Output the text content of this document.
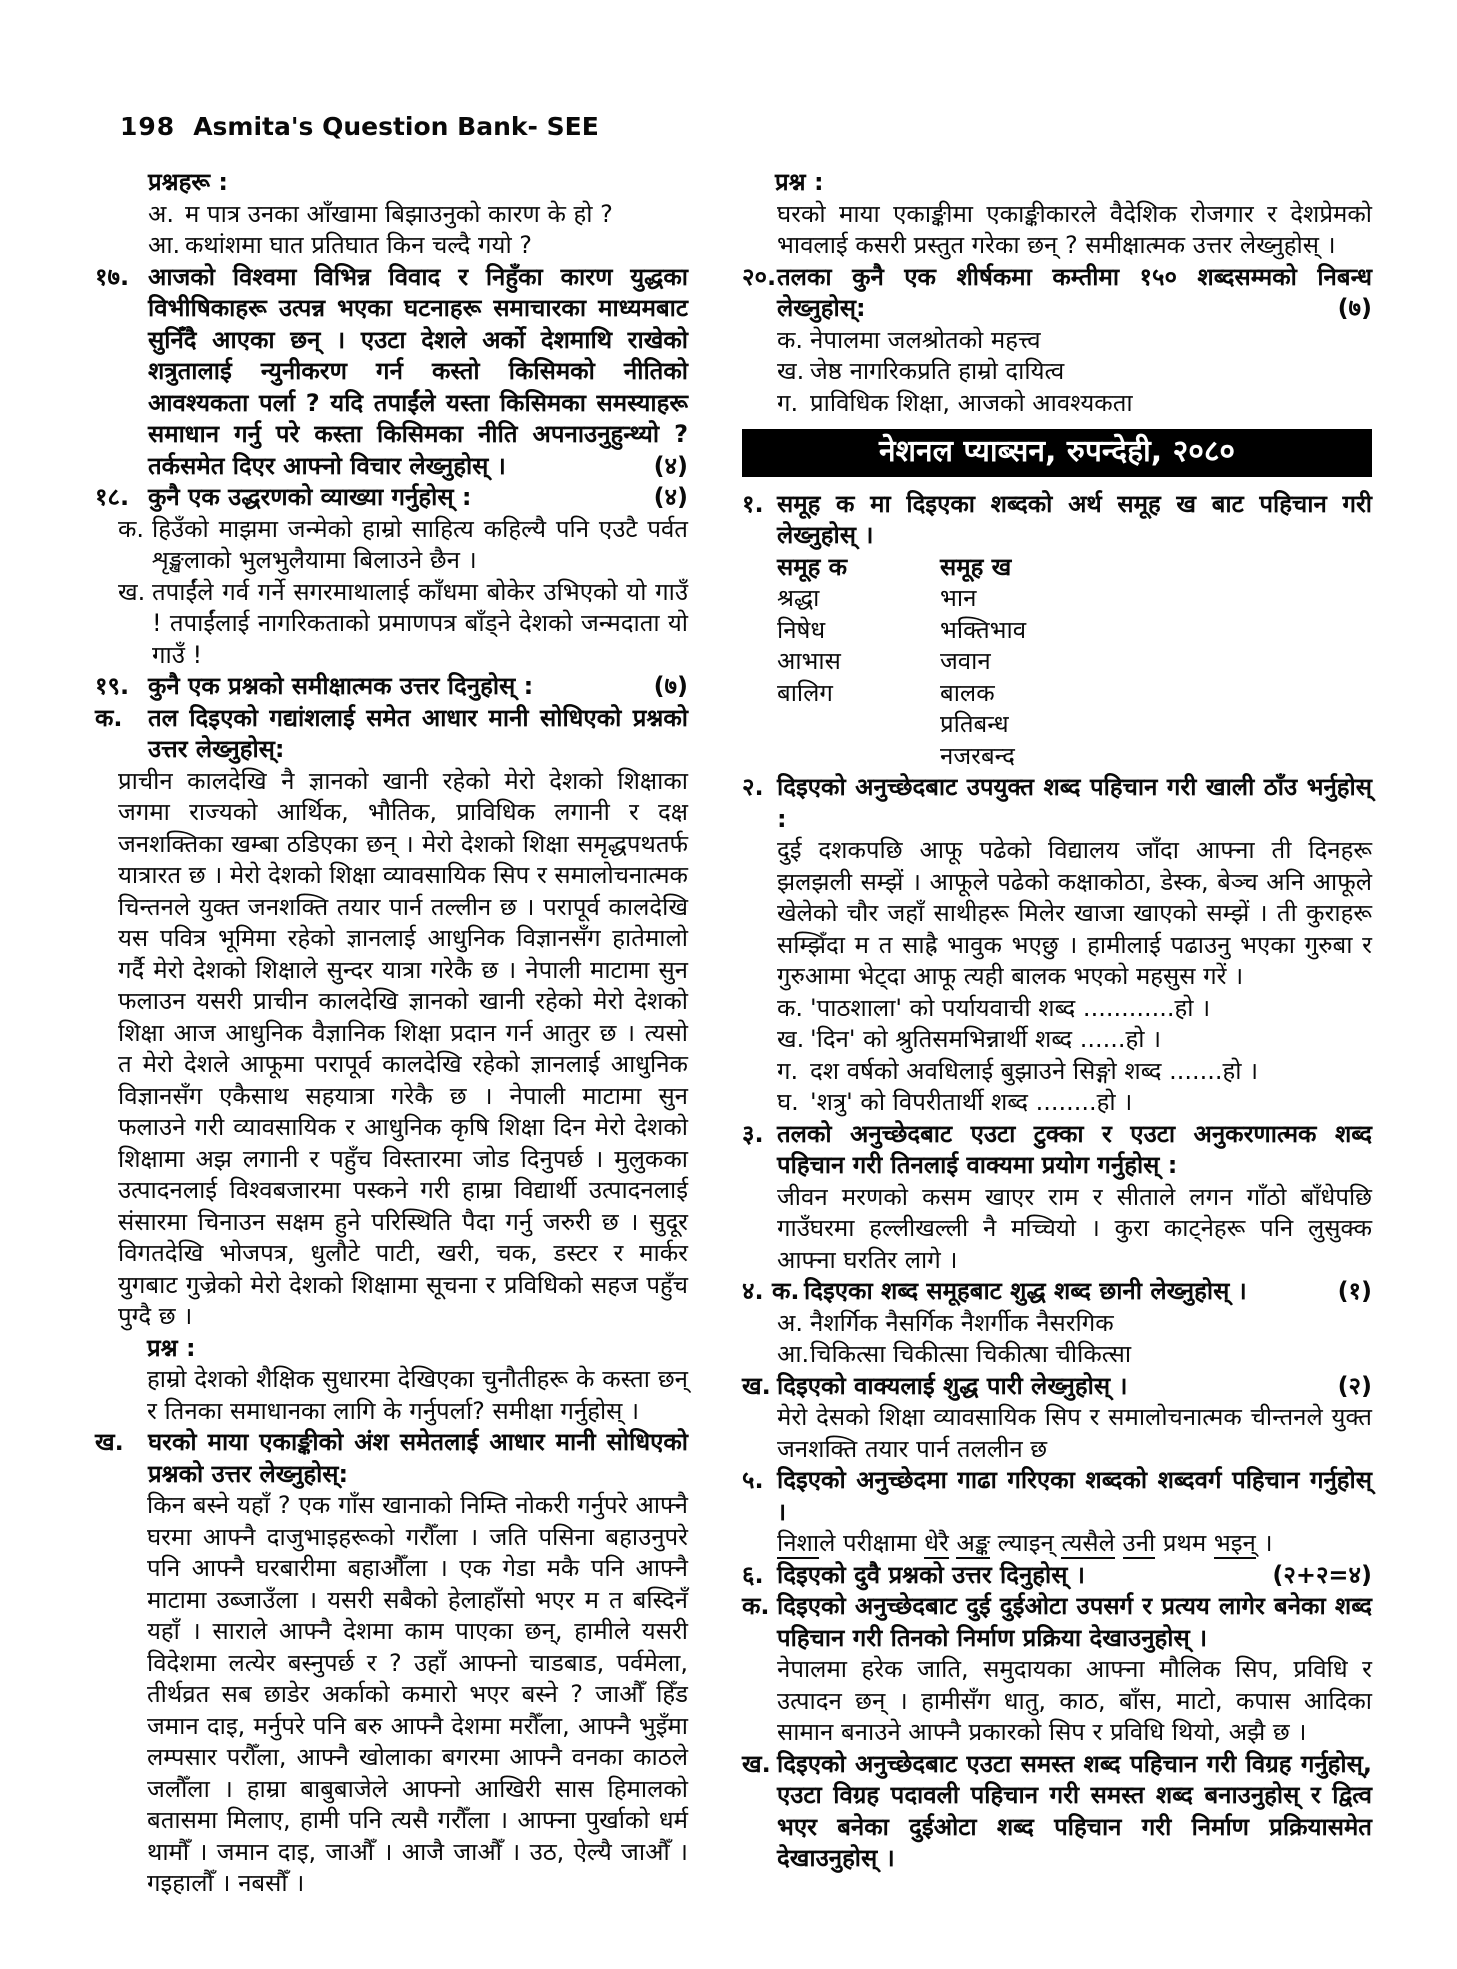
198 Asmita's Question Bank- SEE
प्रश्नहरू :
अ. म पात्र उनका आँखामा बिझाउनुको कारण के हो ?
आ. कथांशमा घात प्रतिघात किन चल्दै गयो ?
१७. आजको विश्वमा विभिन्न विवाद र निहुँका कारण युद्धका विभीषिकाहरू उत्पन्न भएका घटनाहरू समाचारका माध्यमबाट सुनिँदै आएका छन् । एउटा देशले अर्को देशमाथि राखेको शत्रुतालाई न्युनीकरण गर्न कस्तो किसिमको नीतिको आवश्यकता पर्ला ? यदि तपाईंले यस्ता किसिमका समस्याहरू समाधान गर्नु परे कस्ता किसिमका नीति अपनाउनुहुन्थ्यो ? तर्कसमेत दिएर आफ्नो विचार लेख्नुहोस् ।	(४)
१८. कुनै एक उद्धरणको व्याख्या गर्नुहोस् :	(४)
क. हिउँको माझमा जन्मेको हाम्रो साहित्य कहिल्यै पनि एउटै पर्वत शृङ्खलाको भुलभुलैयामा बिलाउने छैन ।
ख. तपाईंले गर्व गर्ने सगरमाथालाई काँधमा बोकेर उभिएको यो गाउँ ! तपाईंलाई नागरिकताको प्रमाणपत्र बाँड्ने देशको जन्मदाता यो गाउँ !
१९. कुनै एक प्रश्नको समीक्षात्मक उत्तर दिनुहोस् :	(७)
क.	तल दिइएको गद्यांशलाई समेत आधार मानी सोधिएको प्रश्नको उत्तर लेख्नुहोस्:
प्राचीन कालदेखि नै ज्ञानको खानी रहेको मेरो देशको शिक्षाका जगमा राज्यको आर्थिक, भौतिक, प्राविधिक लगानी र दक्ष जनशक्तिका खम्बा ठडिएका छन् । मेरो देशको शिक्षा समृद्धपथतर्फ यात्रारत छ । मेरो देशको शिक्षा व्यावसायिक सिप र समालोचनात्मक चिन्तनले युक्त जनशक्ति तयार पार्न तल्लीन छ । परापूर्व कालदेखि यस पवित्र भूमिमा रहेको ज्ञानलाई आधुनिक विज्ञानसँग हातेमालो गर्दै मेरो देशको शिक्षाले सुन्दर यात्रा गरेकै छ । नेपाली माटामा सुन फलाउन यसरी प्राचीन कालदेखि ज्ञानको खानी रहेको मेरो देशको शिक्षा आज आधुनिक वैज्ञानिक शिक्षा प्रदान गर्न आतुर छ । त्यसो त मेरो देशले आफूमा परापूर्व कालदेखि रहेको ज्ञानलाई आधुनिक विज्ञानसँग एकैसाथ सहयात्रा गरेकै छ । नेपाली माटामा सुन फलाउने गरी व्यावसायिक र आधुनिक कृषि शिक्षा दिन मेरो देशको शिक्षामा अझ लगानी र पहुँच विस्तारमा जोड दिनुपर्छ । मुलुकका उत्पादनलाई विश्वबजारमा पस्कने गरी हाम्रा विद्यार्थी उत्पादनलाई संसारमा चिनाउन सक्षम हुने परिस्थिति पैदा गर्नु जरुरी छ । सुदूर विगतदेखि भोजपत्र, धुलौटे पाटी, खरी, चक, डस्टर र मार्कर युगबाट गुज्रेको मेरो देशको शिक्षामा सूचना र प्रविधिको सहज पहुँच पुग्दै छ ।
प्रश्न :
हाम्रो देशको शैक्षिक सुधारमा देखिएका चुनौतीहरू के कस्ता छन् र तिनका समाधानका लागि के गर्नुपर्ला? समीक्षा गर्नुहोस् ।
ख.	घरको माया एकाङ्कीको अंश समेतलाई आधार मानी सोधिएको प्रश्नको उत्तर लेख्नुहोस्:
किन बस्ने यहाँ ? एक गाँस खानाको निम्ति नोकरी गर्नुपरे आफ्नै घरमा आफ्नै दाजुभाइहरूको गरौँला । जति पसिना बहाउनुपरे पनि आफ्नै घरबारीमा बहाऔँला । एक गेडा मकै पनि आफ्नै माटामा उब्जाउँला । यसरी सबैको हेलाहाँसो भएर म त बस्दिनँ यहाँ । साराले आफ्नै देशमा काम पाएका छन्, हामीले यसरी विदेशमा लत्येर बस्नुपर्छ र ? उहाँ आफ्नो चाडबाड, पर्वमेला, तीर्थव्रत सब छाडेर अर्काको कमारो भएर बस्ने ? जाऔँ हिँड जमान दाइ, मर्नुपरे पनि बरु आफ्नै देशमा मरौँला, आफ्नै भुइँमा लम्पसार परौँला, आफ्नै खोलाका बगरमा आफ्नै वनका काठले जलौँला । हाम्रा बाबुबाजेले आफ्नो आखिरी सास हिमालको बतासमा मिलाए, हामी पनि त्यसै गरौँला । आफ्ना पुर्खाको धर्म थामौँ । जमान दाइ, जाऔँ । आजै जाऔँ । उठ, ऐल्यै जाऔँ । गइहालौँ । नबसौँ ।
प्रश्न :
घरको माया एकाङ्कीमा एकाङ्कीकारले वैदेशिक रोजगार र देशप्रेमको भावलाई कसरी प्रस्तुत गरेका छन् ? समीक्षात्मक उत्तर लेख्नुहोस् ।
२०. तलका कुनै एक शीर्षकमा कम्तीमा १५० शब्दसम्मको निबन्ध लेख्नुहोस्:	(७)
क. नेपालमा जलश्रोतको महत्त्व
ख. जेष्ठ नागरिकप्रति हाम्रो दायित्व
ग. प्राविधिक शिक्षा, आजको आवश्यकता
नेशनल प्याब्सन, रुपन्देही, २०८०
१. समूह क मा दिइएका शब्दको अर्थ समूह ख बाट पहिचान गरी लेख्नुहोस् ।
समूह क	समूह ख
श्रद्धा	भान
निषेध	भक्तिभाव
आभास	जवान
बालिग	बालक
प्रतिबन्ध
नजरबन्द
२. दिइएको अनुच्छेदबाट उपयुक्त शब्द पहिचान गरी खाली ठाँउ भर्नुहोस् :
दुई दशकपछि आफू पढेको विद्यालय जाँदा आफ्ना ती दिनहरू झलझली सम्झें । आफूले पढेको कक्षाकोठा, डेस्क, बेञ्च अनि आफूले खेलेको चौर जहाँ साथीहरू मिलेर खाजा खाएको सम्झें । ती कुराहरू सम्झिँदा म त साह्रै भावुक भएछु । हामीलाई पढाउनु भएका गुरुबा र गुरुआमा भेट्दा आफू त्यही बालक भएको महसुस गरें ।
क. 'पाठशाला' को पर्यायवाची शब्द ............हो ।
ख. 'दिन' को श्रुतिसमभिन्नार्थी शब्द ......हो ।
ग. दश वर्षको अवधिलाई बुझाउने सिङ्गो शब्द .......हो ।
घ. 'शत्रु' को विपरीतार्थी शब्द ........हो ।
३. तलको अनुच्छेदबाट एउटा टुक्का र एउटा अनुकरणात्मक शब्द पहिचान गरी तिनलाई वाक्यमा प्रयोग गर्नुहोस् :
जीवन मरणको कसम खाएर राम र सीताले लगन गाँठो बाँधेपछि गाउँघरमा हल्लीखल्ली नै मच्चियो । कुरा काट्नेहरू पनि लुसुक्क आफ्ना घरतिर लागे ।
४. क. दिइएका शब्द समूहबाट शुद्ध शब्द छानी लेख्नुहोस् ।	(१)
अ. नैशर्गिक नैसर्गिक नैशर्गीक नैसरगिक
आ. चिकित्सा चिकीत्सा चिकीत्षा चीकित्सा
ख. दिइएको वाक्यलाई शुद्ध पारी लेख्नुहोस् ।	(२)
मेरो देसको शिक्षा व्यावसायिक सिप र समालोचनात्मक चीन्तनले युक्त जनशक्ति तयार पार्न तललीन छ
५. दिइएको अनुच्छेदमा गाढा गरिएका शब्दको शब्दवर्ग पहिचान गर्नुहोस् ।
निशाले परीक्षामा धेरै अङ्क ल्याइन् त्यसैले उनी प्रथम भइन् ।
६. दिइएको दुवै प्रश्नको उत्तर दिनुहोस् ।	(२+२=४)
क. दिइएको अनुच्छेदबाट दुई दुईओटा उपसर्ग र प्रत्यय लागेर बनेका शब्द पहिचान गरी तिनको निर्माण प्रक्रिया देखाउनुहोस् ।
नेपालमा हरेक जाति, समुदायका आफ्ना मौलिक सिप, प्रविधि र उत्पादन छन् । हामीसँग धातु, काठ, बाँस, माटो, कपास आदिका सामान बनाउने आफ्नै प्रकारको सिप र प्रविधि थियो, अझै छ ।
ख. दिइएको अनुच्छेदबाट एउटा समस्त शब्द पहिचान गरी विग्रह गर्नुहोस्, एउटा विग्रह पदावली पहिचान गरी समस्त शब्द बनाउनुहोस् र द्वित्व भएर बनेका दुईओटा शब्द पहिचान गरी निर्माण प्रक्रियासमेत देखाउनुहोस् ।
